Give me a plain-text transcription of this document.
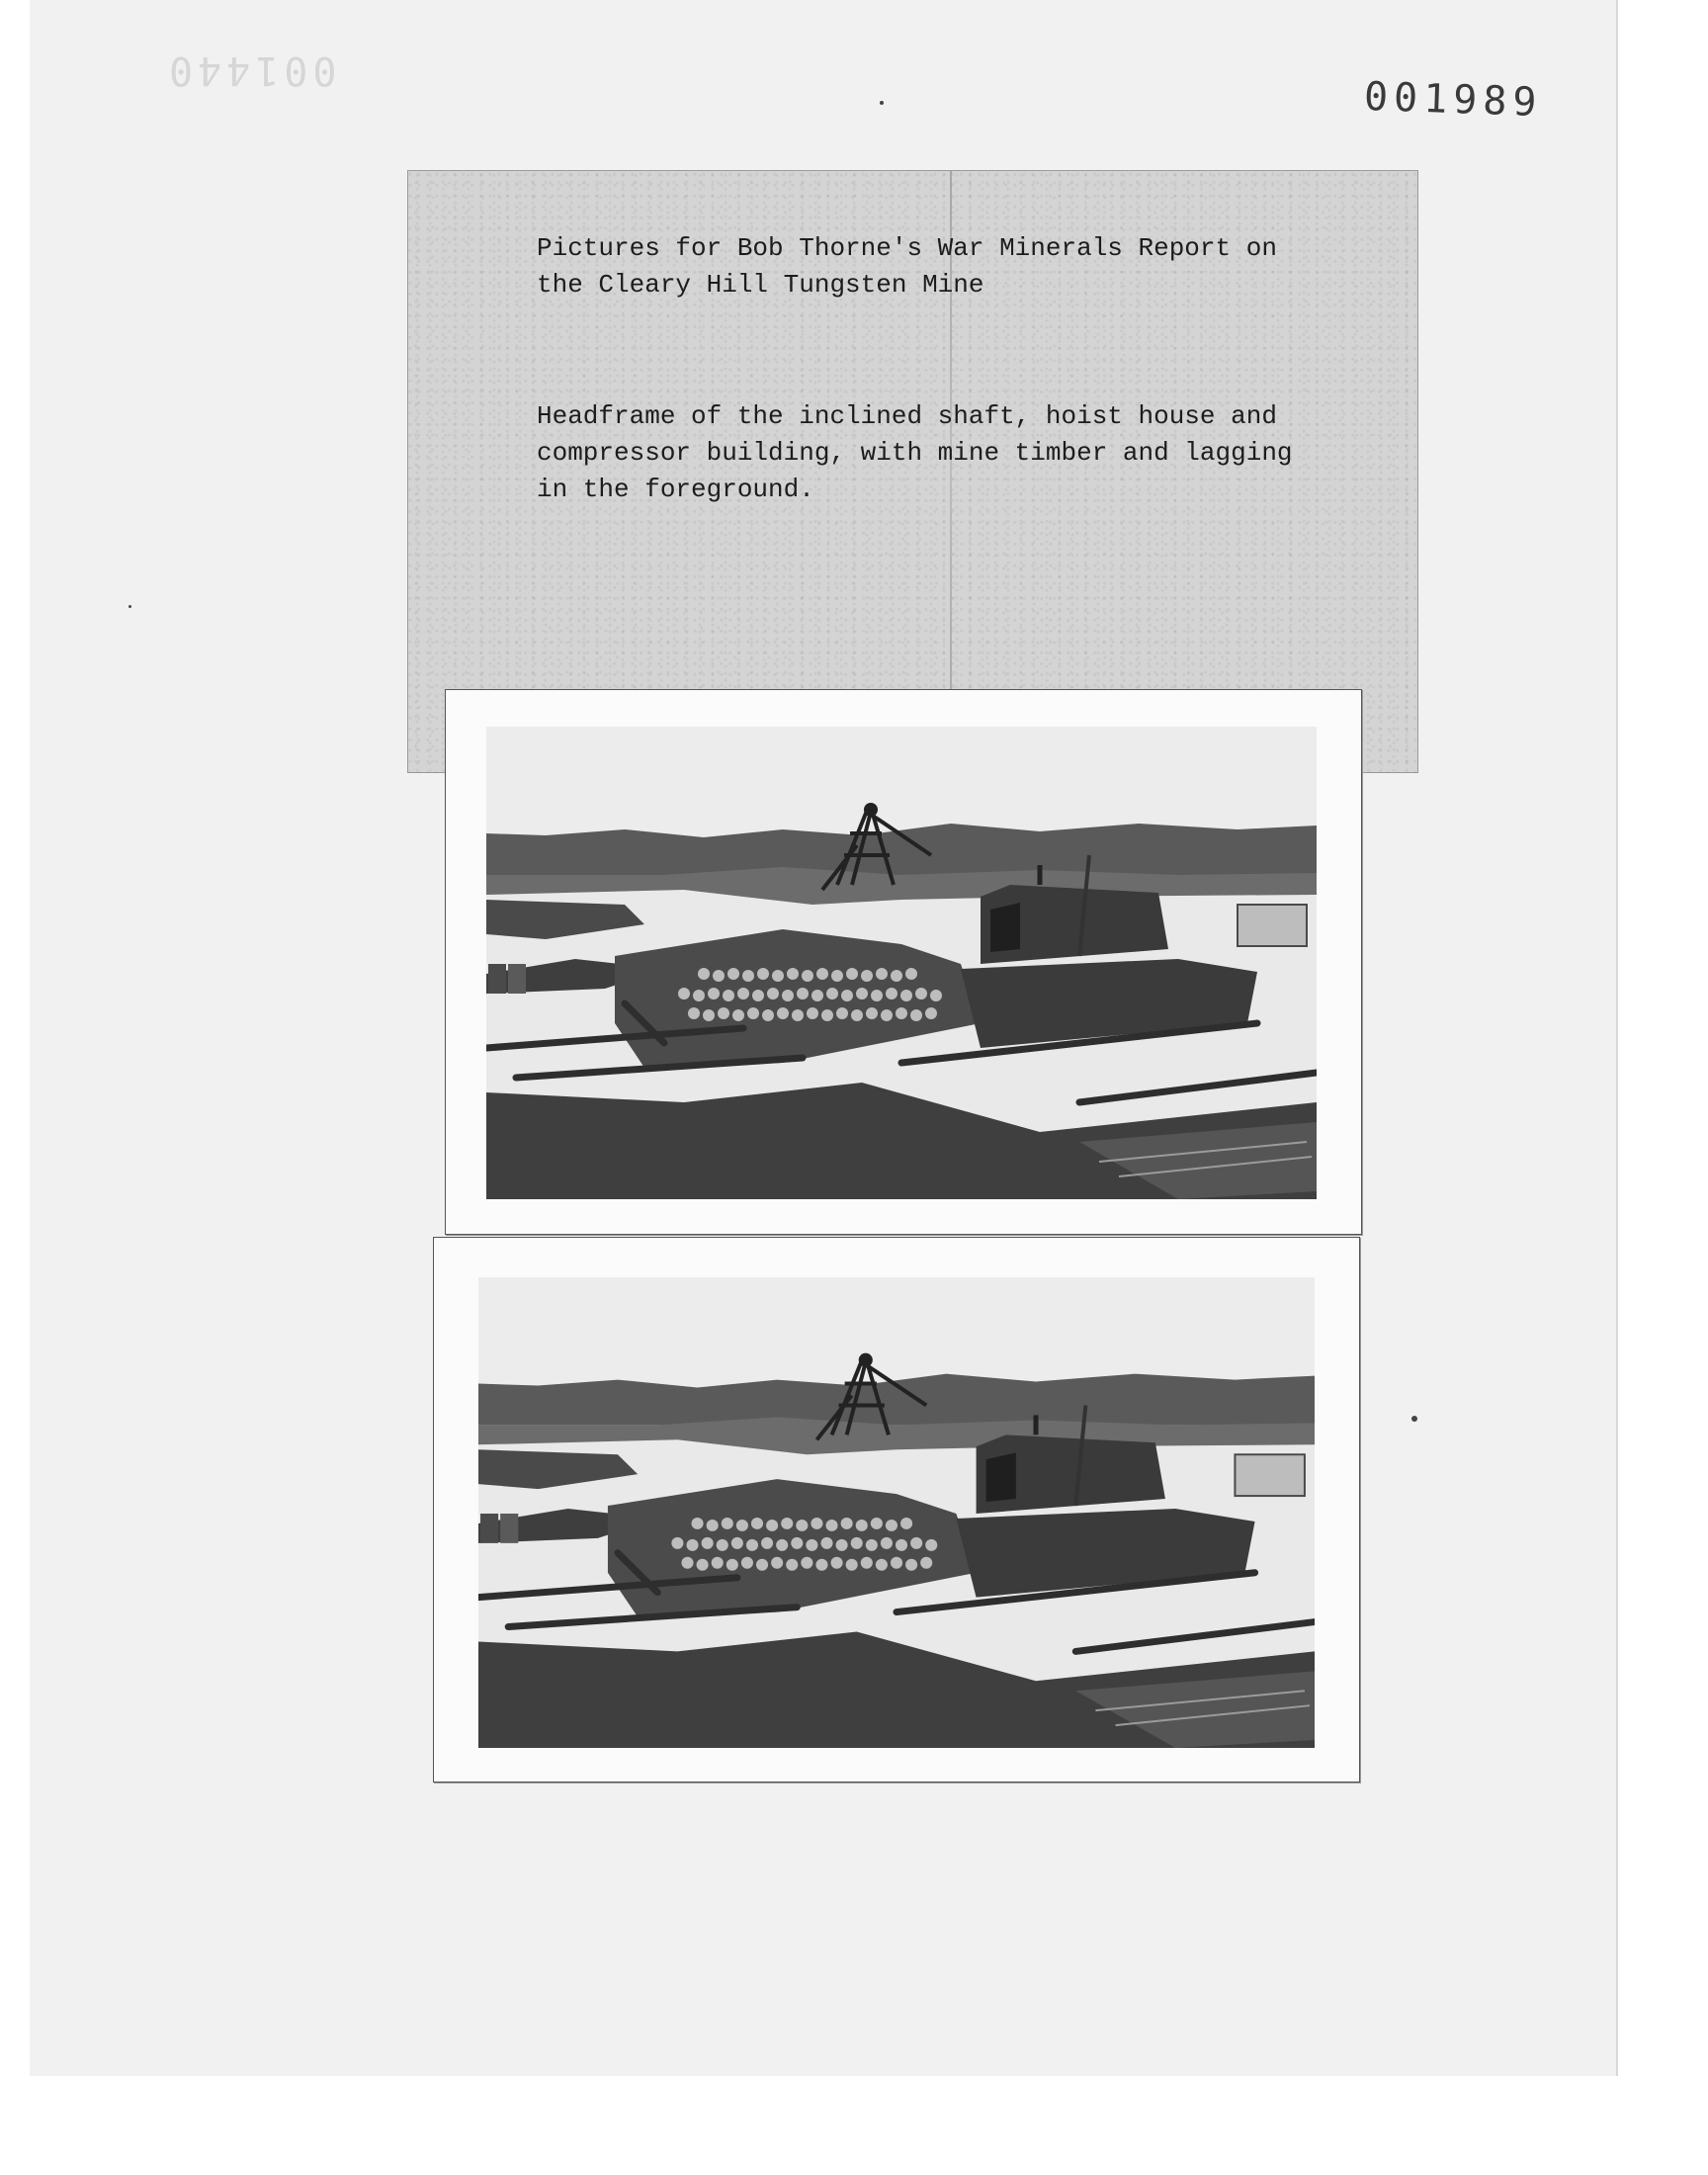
001440
001989

Pictures for Bob Thorne's War Minerals Report on
the Cleary Hill Tungsten Mine

Headframe of the inclined shaft, hoist house and
compressor building, with mine timber and lagging
in the foreground.
